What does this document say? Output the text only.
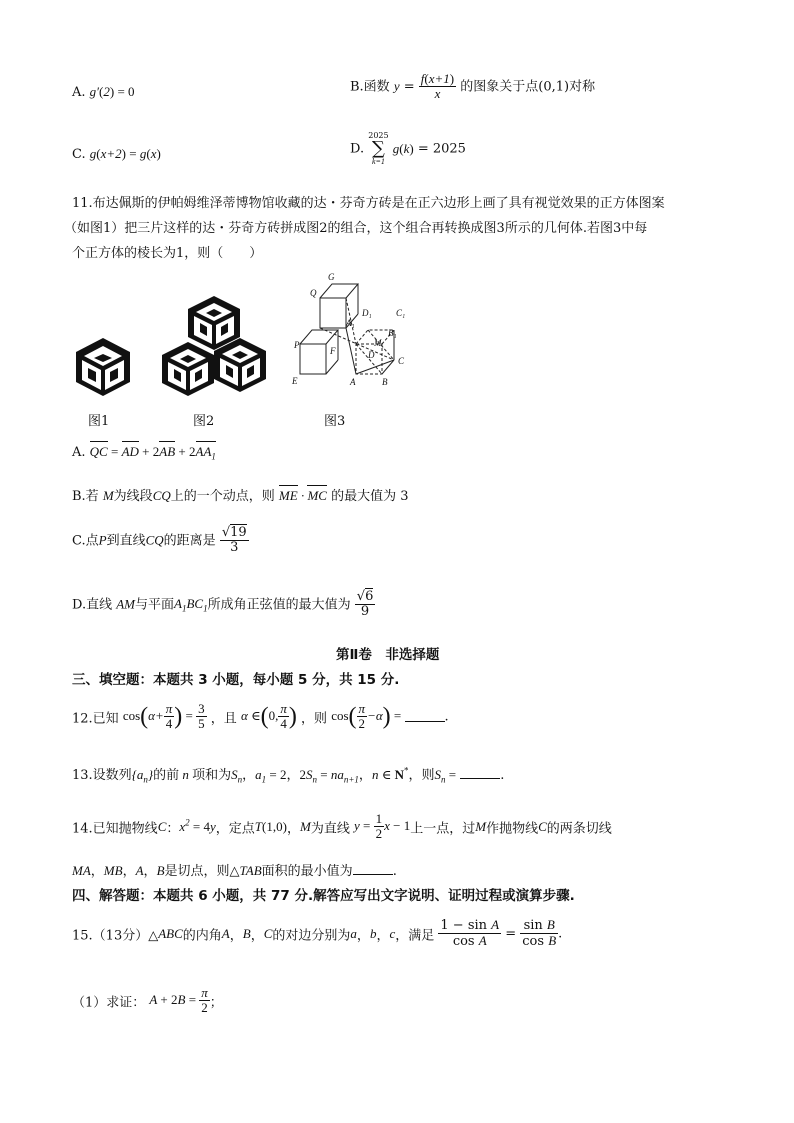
A. g′(2) = 0	B.函数 $y = \frac{f(x+1)}{x}$ 的图象关于点(0,1)对称
C. g(x+2) = g(x)	D.
2025
∑
k=1
g(k) = 2025
11.布达佩斯的伊帕姆维泽蒂博物馆收藏的达・芬奇方砖是在正六边形上画了具有视觉效果的正方体图案
（如图1）把三片这样的达・芬奇方砖拼成图2的组合，这个组合再转换成图3所示的几何体.若图3中每
个正方体的棱长为1，则（　　）
G
Q
P
F
E	A	B
C
D
M
A₁
D₁	C₁
B₁
图1	图2	图3
A. QC = AD + $2AB + 2AA_1$
B.若 M为线段CQ上的一个动点，则 ME · MC 的最大值为 3
C.点P到直线CQ的距离是 $\frac{√19}{3}$
D.直线 AM与平面$A_1BC_1$所成角正弦值的最大值为 $\frac{√6}{9}$
第Ⅱ卷　非选择题
三、填空题：本题共 3 小题，每小题 5 分，共 15 分.
12.已知 $\cos(\alpha+ \frac{\pi}{4}$ ) = $\frac{3}{5}$ ，且 α ∈(0, $\frac{\pi}{4}$ ) ，则 $\cos( \frac{\pi}{2} -\alpha)$ =	.
13.设数列$\{a_n\}$的前 n 项和为$S_n$，$a_1 = 2$，$2S_n = na_{n+1}$，n ∈ N*，则$S_n$ =	.
14.已知抛物线C：$x^2 = 4y$，定点T(1,0)，M为直线 $y = \frac{1}{2}$ x − 1上一点，过M作抛物线C的两条切线
MA，MB，A，B是切点，则△TAB面积的最小值为	.
四、解答题：本题共 6 小题，共 77 分.解答应写出文字说明、证明过程或演算步骤.
15.（13分）△ABC的内角A，B，C的对边分别为a，b，c，满足 $\frac{\text{1 − sin A}}{\text{cos A}} = \frac{\text{sin B}}{\text{cos B}}$ .
（1）求证： $A + 2B = \frac{\pi}{2}$ ；
